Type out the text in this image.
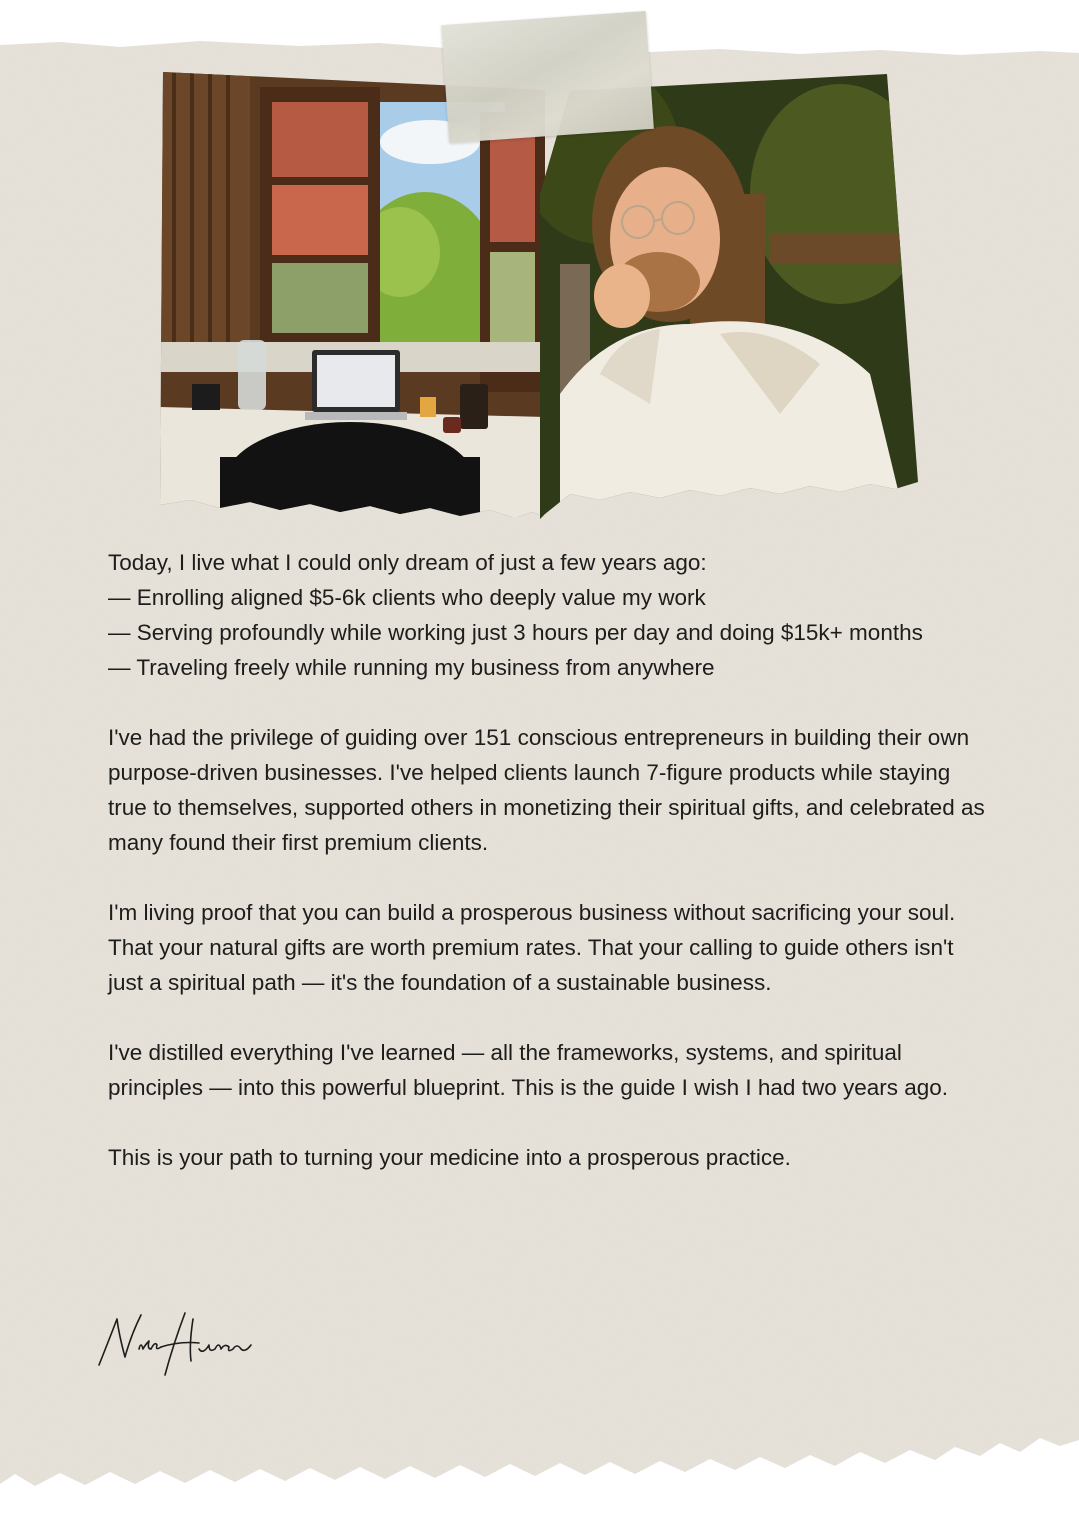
Today, I live what I could only dream of just a few years ago:
— Enrolling aligned $5-6k clients who deeply value my work
— Serving profoundly while working just 3 hours per day and doing $15k+ months
— Traveling freely while running my business from anywhere

I've had the privilege of guiding over 151 conscious entrepreneurs in building their own purpose-driven businesses. I've helped clients launch 7-figure products while staying true to themselves, supported others in monetizing their spiritual gifts, and celebrated as many found their first premium clients.

I'm living proof that you can build a prosperous business without sacrificing your soul.
That your natural gifts are worth premium rates. That your calling to guide others isn't just a spiritual path — it's the foundation of a sustainable business.

I've distilled everything I've learned — all the frameworks, systems, and spiritual principles — into this powerful blueprint. This is the guide I wish I had two years ago.

This is your path to turning your medicine into a prosperous practice.
